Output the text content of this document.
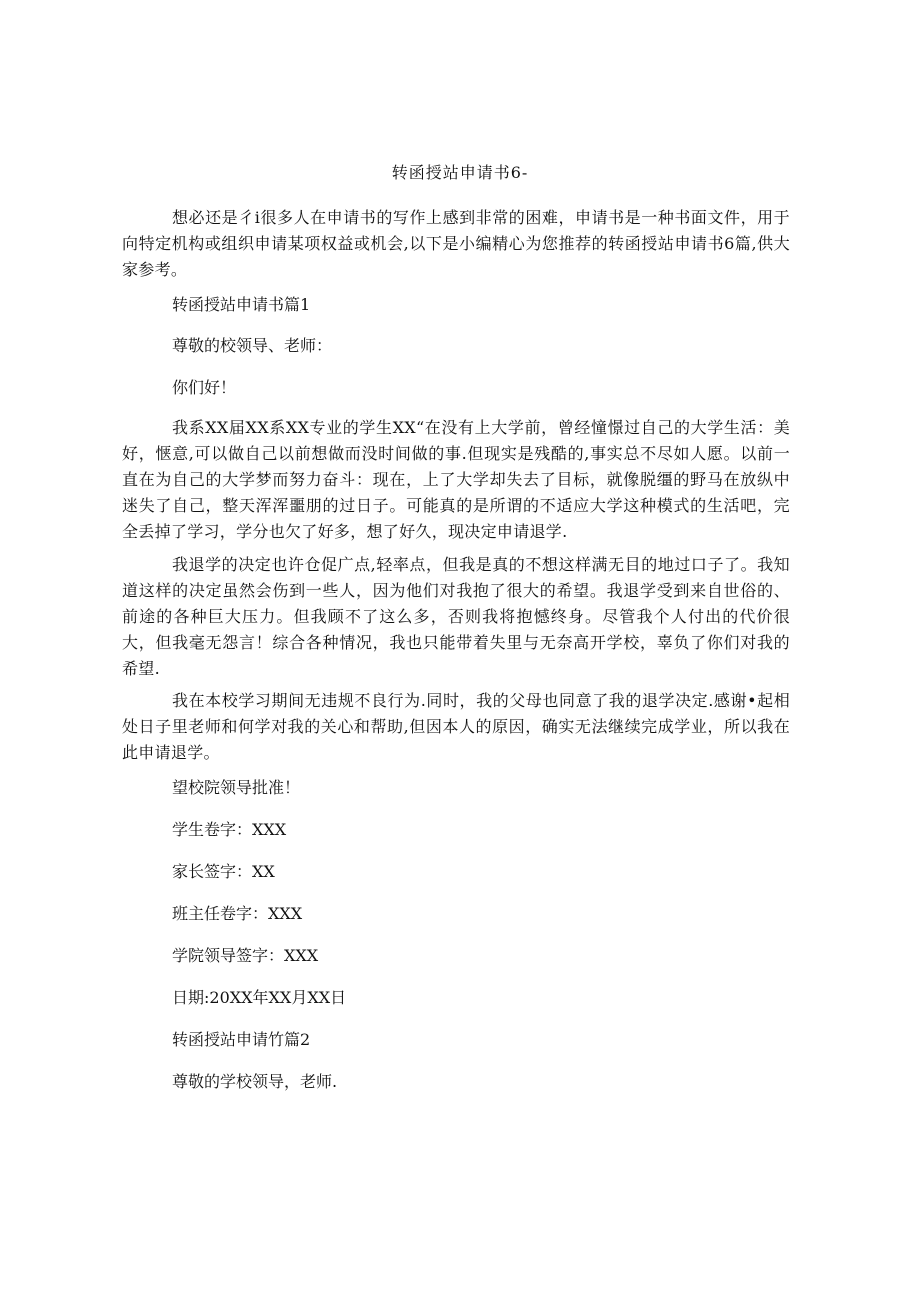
转函授站申请书6-

想必还是彳i很多人在申请书的写作上感到非常的困难，申请书是一种书面文件，用于向特定机构或组织申请某项权益或机会,以下是小编精心为您推荐的转函授站申请书6篇,供大家参考。

转函授站申请书篇1
尊敬的校领导、老师：
你们好！

我系XX届XX系XX专业的学生XX“在没有上大学前，曾经憧憬过自己的大学生活：美好，惬意,可以做自己以前想做而没时间做的事.但现实是残酷的,事实总不尽如人愿。以前一直在为自己的大学梦而努力奋斗：现在，上了大学却失去了目标，就像脱缰的野马在放纵中迷失了自己，整天浑浑噩朋的过日子。可能真的是所谓的不适应大学这种模式的生活吧，完全丢掉了学习，学分也欠了好多，想了好久，现决定申请退学.

我退学的决定也许仓促广点,轻率点，但我是真的不想这样满无目的地过口子了。我知道这样的决定虽然会伤到一些人，因为他们对我抱了很大的希望。我退学受到来自世俗的、前途的各种巨大压力。但我顾不了这么多，否则我将抱憾终身。尽管我个人付出的代价很大，但我毫无怨言！综合各种情况，我也只能带着失里与无奈高开学校，辜负了你们对我的希望.

我在本校学习期间无违规不良行为.同时，我的父母也同意了我的退学决定.感谢•起相处日子里老师和何学对我的关心和帮助,但因本人的原因，确实无法继续完成学业，所以我在此申请退学。

望校院领导批准！
学生卷字：XXX
家长签字：XX
班主任卷字：XXX
学院领导签字：XXX
日期:20XX年XX月XX日
转函授站申请竹篇2
尊敬的学校领导，老师.
